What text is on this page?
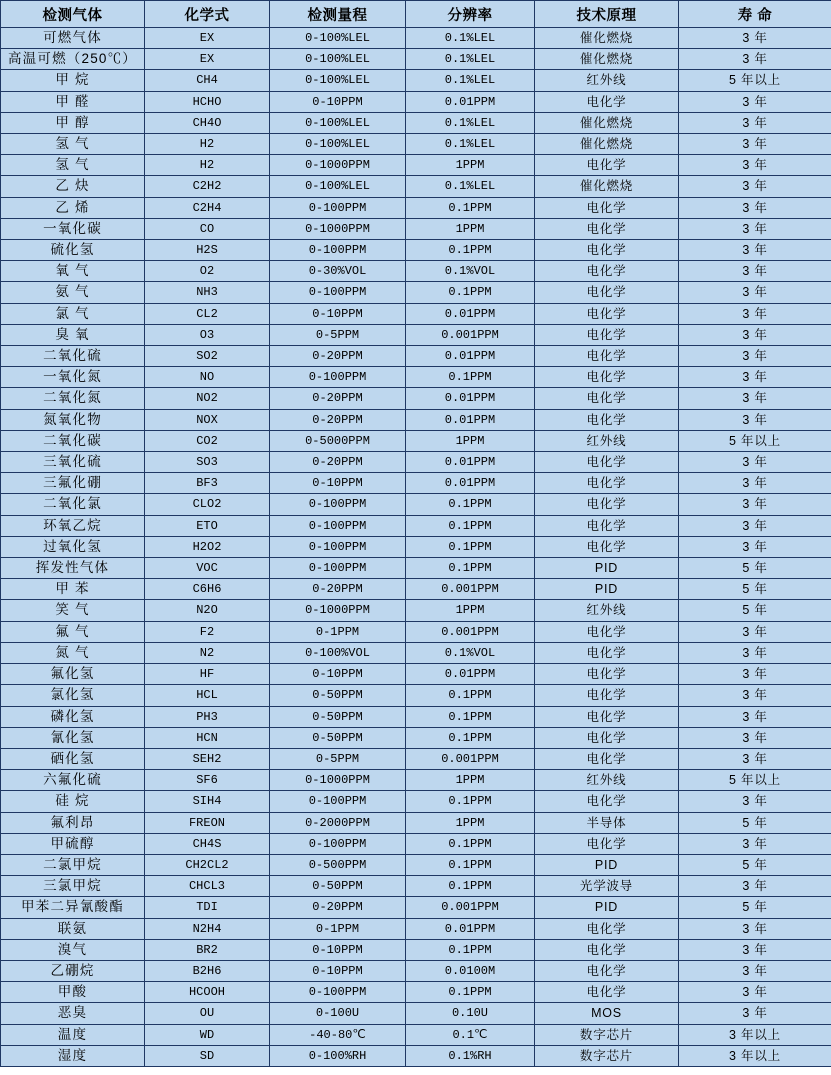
检测气体	化学式	检测量程	分辨率	技术原理	寿 命
可燃气体	EX	0-100%LEL	0.1%LEL	催化燃烧	3 年
高温可燃（250℃）	EX	0-100%LEL	0.1%LEL	催化燃烧	3 年
甲 烷	CH4	0-100%LEL	0.1%LEL	红外线	5 年以上
甲 醛	HCHO	0-10PPM	0.01PPM	电化学	3 年
甲 醇	CH4O	0-100%LEL	0.1%LEL	催化燃烧	3 年
氢 气	H2	0-100%LEL	0.1%LEL	催化燃烧	3 年
氢 气	H2	0-1000PPM	1PPM	电化学	3 年
乙 炔	C2H2	0-100%LEL	0.1%LEL	催化燃烧	3 年
乙 烯	C2H4	0-100PPM	0.1PPM	电化学	3 年
一氧化碳	CO	0-1000PPM	1PPM	电化学	3 年
硫化氢	H2S	0-100PPM	0.1PPM	电化学	3 年
氧 气	O2	0-30%VOL	0.1%VOL	电化学	3 年
氨 气	NH3	0-100PPM	0.1PPM	电化学	3 年
氯 气	CL2	0-10PPM	0.01PPM	电化学	3 年
臭 氧	O3	0-5PPM	0.001PPM	电化学	3 年
二氧化硫	SO2	0-20PPM	0.01PPM	电化学	3 年
一氧化氮	NO	0-100PPM	0.1PPM	电化学	3 年
二氧化氮	NO2	0-20PPM	0.01PPM	电化学	3 年
氮氧化物	NOX	0-20PPM	0.01PPM	电化学	3 年
二氧化碳	CO2	0-5000PPM	1PPM	红外线	5 年以上
三氧化硫	SO3	0-20PPM	0.01PPM	电化学	3 年
三氟化硼	BF3	0-10PPM	0.01PPM	电化学	3 年
二氧化氯	CLO2	0-100PPM	0.1PPM	电化学	3 年
环氧乙烷	ETO	0-100PPM	0.1PPM	电化学	3 年
过氧化氢	H2O2	0-100PPM	0.1PPM	电化学	3 年
挥发性气体	VOC	0-100PPM	0.1PPM	PID	5 年
甲 苯	C6H6	0-20PPM	0.001PPM	PID	5 年
笑 气	N2O	0-1000PPM	1PPM	红外线	5 年
氟 气	F2	0-1PPM	0.001PPM	电化学	3 年
氮 气	N2	0-100%VOL	0.1%VOL	电化学	3 年
氟化氢	HF	0-10PPM	0.01PPM	电化学	3 年
氯化氢	HCL	0-50PPM	0.1PPM	电化学	3 年
磷化氢	PH3	0-50PPM	0.1PPM	电化学	3 年
氰化氢	HCN	0-50PPM	0.1PPM	电化学	3 年
硒化氢	SEH2	0-5PPM	0.001PPM	电化学	3 年
六氟化硫	SF6	0-1000PPM	1PPM	红外线	5 年以上
硅 烷	SIH4	0-100PPM	0.1PPM	电化学	3 年
氟利昂	FREON	0-2000PPM	1PPM	半导体	5 年
甲硫醇	CH4S	0-100PPM	0.1PPM	电化学	3 年
二氯甲烷	CH2CL2	0-500PPM	0.1PPM	PID	5 年
三氯甲烷	CHCL3	0-50PPM	0.1PPM	光学波导	3 年
甲苯二异氰酸酯	TDI	0-20PPM	0.001PPM	PID	5 年
联氨	N2H4	0-1PPM	0.01PPM	电化学	3 年
溴气	BR2	0-10PPM	0.1PPM	电化学	3 年
乙硼烷	B2H6	0-10PPM	0.0100M	电化学	3 年
甲酸	HCOOH	0-100PPM	0.1PPM	电化学	3 年
恶臭	OU	0-100U	0.10U	MOS	3 年
温度	WD	-40-80℃	0.1℃	数字芯片	3 年以上
湿度	SD	0-100%RH	0.1%RH	数字芯片	3 年以上
